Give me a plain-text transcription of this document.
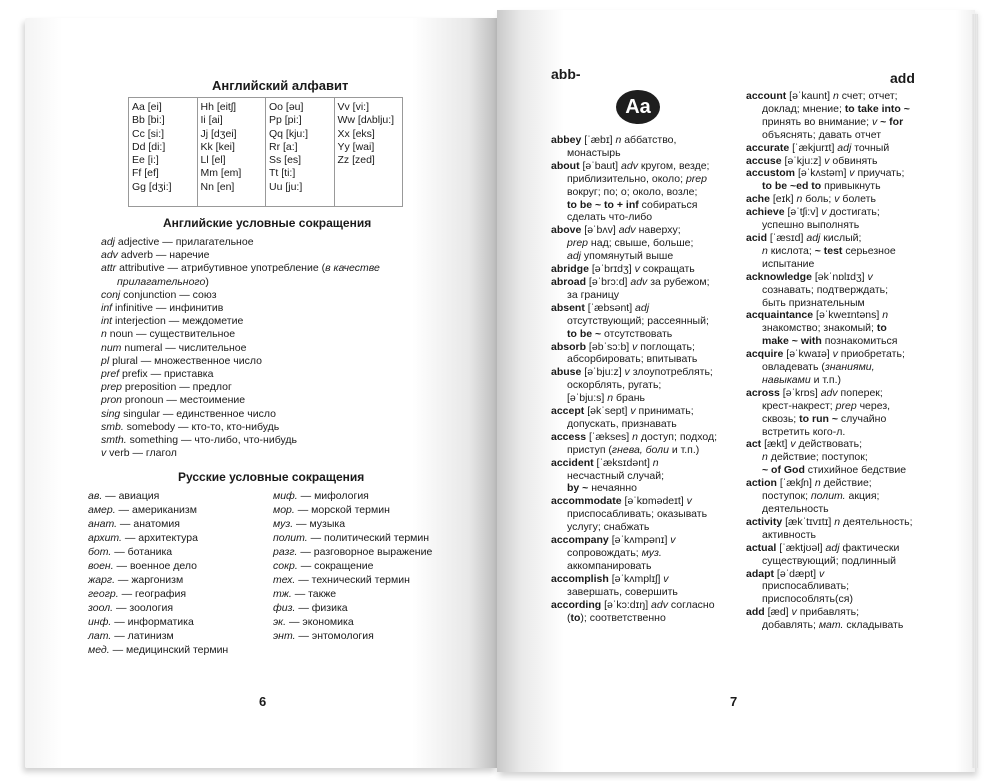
Английский алфавит
Aa [ei]
Bb [bi:]
Cc [si:]
Dd [di:]
Ee [i:]
Ff [ef]
Gg [dʒi:]
Hh [eitʃ]
Ii [ai]
Jj [dʒei]
Kk [kei]
Ll [el]
Mm [em]
Nn [en]
Oo [əu]
Pp [pi:]
Qq [kju:]
Rr [a:]
Ss [es]
Tt [ti:]
Uu [ju:]
Vv [vi:]
Ww [dʌblju:]
Xx [eks]
Yy [wai]
Zz [zed]
Английские условные сокращения
adj adjective — прилагательное
adv adverb — наречие
attr attributive — атрибутивное употребление (в качестве
прилагательного)
conj conjunction — союз
inf infinitive — инфинитив
int interjection — междометие
n noun — существительное
num numeral — числительное
pl plural — множественное число
pref prefix — приставка
prep preposition — предлог
pron pronoun — местоимение
sing singular — единственное число
smb. somebody — кто-то, кто-нибудь
smth. something — что-либо, что-нибудь
v verb — глагол
Русские условные сокращения
ав. — авиация
амер. — американизм
анат. — анатомия
архит. — архитектура
бот. — ботаника
воен. — военное дело
жарг. — жаргонизм
геогр. — география
зоол. — зоология
инф. — информатика
лат. — латинизм
мед. — медицинский термин
миф. — мифология
мор. — морской термин
муз. — музыка
полит. — политический термин
разг. — разговорное выражение
сокр. — сокращение
тех. — технический термин
тж. — также
физ. — физика
эк. — экономика
энт. — энтомология
6
abb-	add
Aa
abbey [ˈæbɪ] n аббатство,
монастырь
about [əˈbaut] adv кругом, везде;
приблизительно, около; prep
вокруг; по; о; около, возле;
to be ~ to + inf собираться
сделать что-либо
above [əˈbʌv] adv наверху;
prep над; свыше, больше;
adj упомянутый выше
abridge [əˈbrɪdʒ] v сокращать
abroad [əˈbrɔ:d] adv за рубежом;
за границу
absent [ˈæbsənt] adj
отсутствующий; рассеянный;
to be ~ отсутствовать
absorb [əbˈsɔ:b] v поглощать;
абсорбировать; впитывать
abuse [əˈbju:z] v злоупотреблять;
оскорблять, ругать;
[əˈbju:s] n брань
accept [əkˈsept] v принимать;
допускать, признавать
access [ˈækses] n доступ; подход;
приступ (гнева, боли и т.п.)
accident [ˈæksɪdənt] n
несчастный случай;
by ~ нечаянно
accommodate [əˈkɒmədeɪt] v
приспосабливать; оказывать
услугу; снабжать
accompany [əˈkʌmpənɪ] v
сопровождать; муз.
аккомпанировать
accomplish [əˈkʌmplɪʃ] v
завершать, совершить
according [əˈkɔ:dɪŋ] adv согласно
(to); соответственно
account [əˈkaunt] n счет; отчет;
доклад; мнение; to take into ~
принять во внимание; v ~ for
объяснять; давать отчет
accurate [ˈækjurɪt] adj точный
accuse [əˈkju:z] v обвинять
accustom [əˈkʌstəm] v приучать;
to be ~ed to привыкнуть
ache [eɪk] n боль; v болеть
achieve [əˈtʃi:v] v достигать;
успешно выполнять
acid [ˈæsɪd] adj кислый;
n кислота; ~ test серьезное
испытание
acknowledge [əkˈnɒlɪdʒ] v
сознавать; подтверждать;
быть признательным
acquaintance [əˈkweɪntəns] n
знакомство; знакомый; to
make ~ with познакомиться
acquire [əˈkwaɪə] v приобретать;
овладевать (знаниями,
навыками и т.п.)
across [əˈkrɒs] adv поперек;
крест-накрест; prep через,
сквозь; to run ~ случайно
встретить кого-л.
act [ækt] v действовать;
n действие; поступок;
~ of God стихийное бедствие
action [ˈækʃn] n действие;
поступок; полит. акция;
деятельность
activity [ækˈtɪvɪtɪ] n деятельность;
активность
actual [ˈæktjʊəl] adj фактически
существующий; подлинный
adapt [əˈdæpt] v
приспосабливать;
приспособлять(ся)
add [æd] v прибавлять;
добавлять; мат. складывать
7
